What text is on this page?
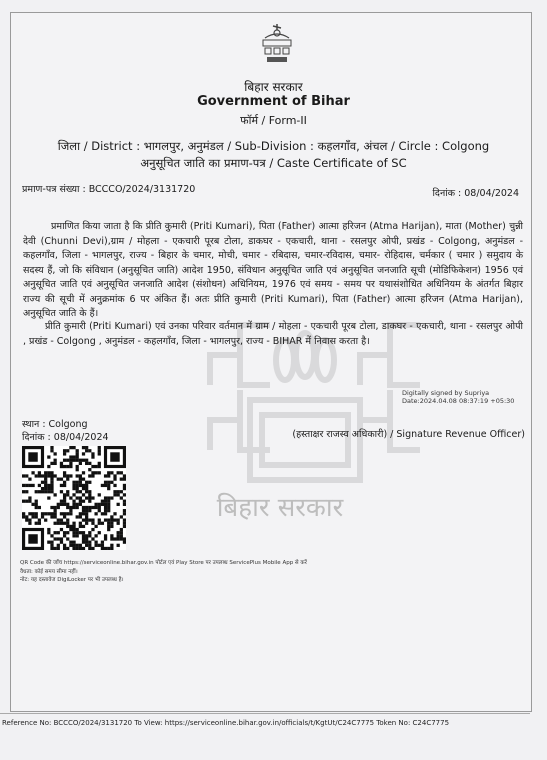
बिहार सरकार
Government of Bihar
फॉर्म / Form-II
जिला / District : भागलपुर, अनुमंडल / Sub-Division : कहलगाँव, अंचल / Circle : Colgong
अनुसूचित जाति का प्रमाण-पत्र / Caste Certificate of SC
प्रमाण-पत्र संख्या : BCCCO/2024/3131720	दिनांक : 08/04/2024
बिहार सरकार
प्रमाणित किया जाता है कि प्रीति कुमारी (Priti Kumari), पिता (Father) आत्मा हरिजन (Atma Harijan), माता (Mother) चुन्नी देवी (Chunni Devi),ग्राम / मोहला - एकचारी पूरब टोला, डाकघर - एकचारी, थाना - रसलपुर ओपी, प्रखंड - Colgong, अनुमंडल - कहलगाँव, जिला - भागलपुर, राज्य - बिहार के चमार, मोची, चमार - रबिदास, चमार-रविदास, चमार- रोहिदास, चर्मकार ( चमार ) समुदाय के सदस्य हैं, जो कि संविधान (अनुसूचित जाति) आदेश 1950, संविधान अनुसूचित जाति एवं अनुसूचित जनजाति सूची (मोडिफिकेशन) 1956 एवं अनुसूचित जाति एवं अनुसूचित जनजाति आदेश (संशोधन) अधिनियम, 1976 एवं समय - समय पर यथासंशोधित अधिनियम के अंतर्गत बिहार राज्य की सूची में अनुक्रमांक 6 पर अंकित हैं। अतः प्रीति कुमारी (Priti Kumari), पिता (Father) आत्मा हरिजन (Atma Harijan), अनुसूचित जाति के हैं।
प्रीति कुमारी (Priti Kumari) एवं उनका परिवार वर्तमान में ग्राम / मोहला - एकचारी पूरब टोला, डाकघर - एकचारी, थाना - रसलपुर ओपी , प्रखंड - Colgong , अनुमंडल - कहलगाँव, जिला - भागलपुर, राज्य - BIHAR में निवास करता है।
Digitally signed by Supriya
Date:2024.04.08 08:37:19 +05:30
स्थान : Colgong
दिनांक : 08/04/2024	(हस्ताक्षर राजस्व अधिकारी) / Signature Revenue Officer)
QR Code की जाँच https://serviceonline.bihar.gov.in पोर्टल एवं Play Store पर उपलब्ध ServicePlus Mobile App से करें
वैधता: कोई समय सीमा नहीं।
नोट: यह दस्तावेज DigiLocker पर भी उपलब्ध है।
Reference No: BCCCO/2024/3131720 To View: https://serviceonline.bihar.gov.in/officials/t/KgtUt/C24C7775 Token No: C24C7775
